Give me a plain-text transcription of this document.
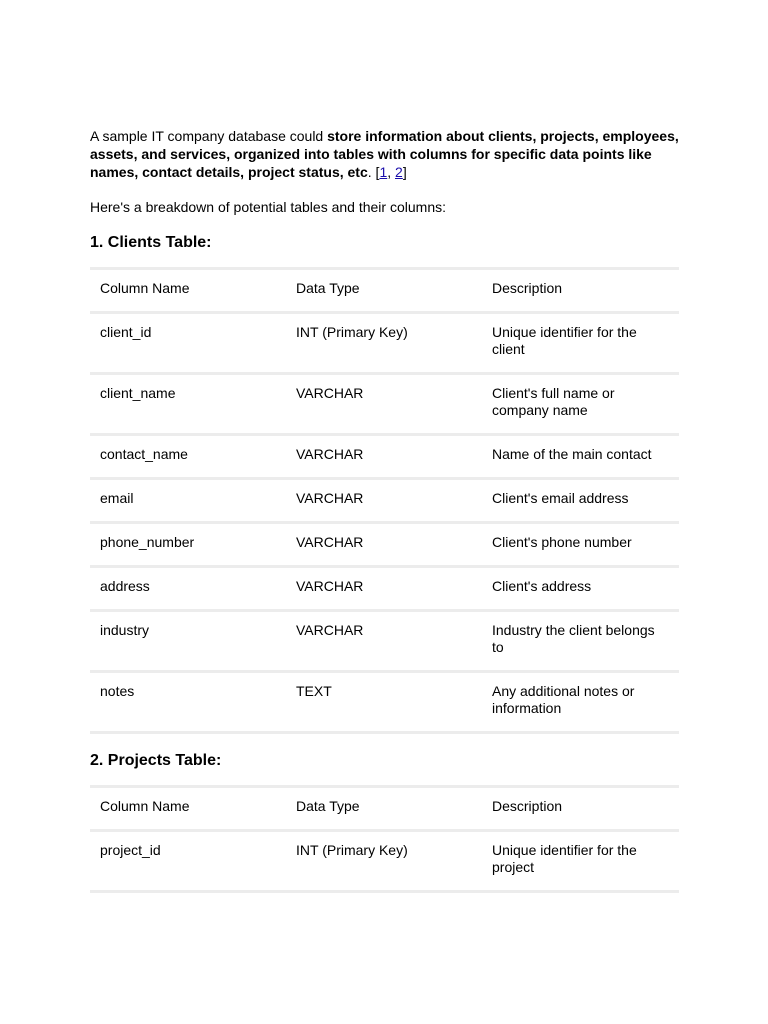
A sample IT company database could store information about clients, projects, employees, assets, and services, organized into tables with columns for specific data points like names, contact details, project status, etc. [1, 2]

Here's a breakdown of potential tables and their columns:

1. Clients Table:
Column Name	Data Type	Description
client_id	INT (Primary Key)	Unique identifier for the client
client_name	VARCHAR	Client's full name or company name
contact_name	VARCHAR	Name of the main contact
email	VARCHAR	Client's email address
phone_number	VARCHAR	Client's phone number
address	VARCHAR	Client's address
industry	VARCHAR	Industry the client belongs to
notes	TEXT	Any additional notes or information
2. Projects Table:
Column Name	Data Type	Description
project_id	INT (Primary Key)	Unique identifier for the project
